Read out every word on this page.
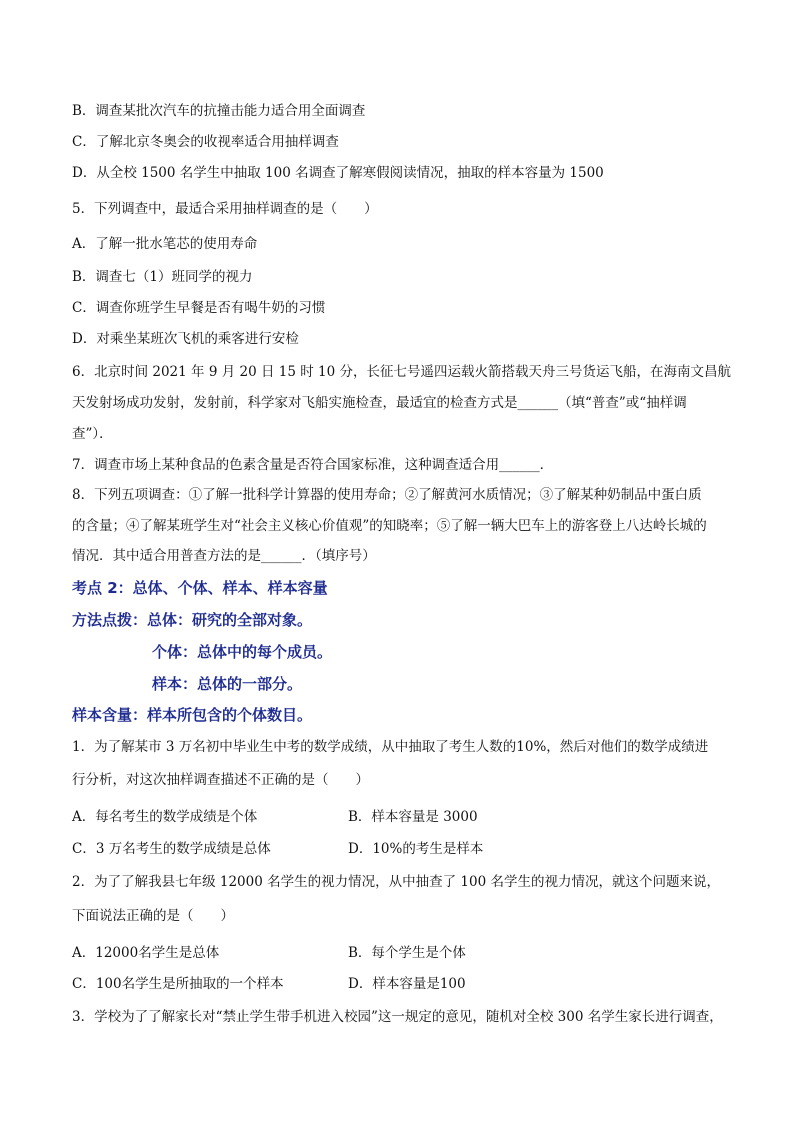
B．调查某批次汽车的抗撞击能力适合用全面调查
C．了解北京冬奥会的收视率适合用抽样调查
D．从全校 1500 名学生中抽取 100 名调查了解寒假阅读情况，抽取的样本容量为 1500
5．下列调查中，最适合采用抽样调查的是（　　）
A．了解一批水笔芯的使用寿命
B．调查七（1）班同学的视力
C．调查你班学生早餐是否有喝牛奶的习惯
D．对乘坐某班次飞机的乘客进行安检
6．北京时间 2021 年 9 月 20 日 15 时 10 分，长征七号遥四运载火箭搭载天舟三号货运飞船，在海南文昌航
天发射场成功发射，发射前，科学家对飞船实施检查，最适宜的检查方式是______（填“普查”或“抽样调
查”）．
7．调查市场上某种食品的色素含量是否符合国家标准，这种调查适合用______．
8．下列五项调查：①了解一批科学计算器的使用寿命；②了解黄河水质情况；③了解某种奶制品中蛋白质
的含量；④了解某班学生对“社会主义核心价值观”的知晓率；⑤了解一辆大巴车上的游客登上八达岭长城的
情况．其中适合用普查方法的是______．（填序号）
考点 2：总体、个体、样本、样本容量
方法点拨：总体：研究的全部对象。
个体：总体中的每个成员。
样本：总体的一部分。
样本含量：样本所包含的个体数目。
1．为了解某市 3 万名初中毕业生中考的数学成绩，从中抽取了考生人数的10%，然后对他们的数学成绩进
行分析，对这次抽样调查描述不正确的是（　　）
A．每名考生的数学成绩是个体	B．样本容量是 3000
C．3 万名考生的数学成绩是总体	D．10%的考生是样本
2．为了了解我县七年级 12000 名学生的视力情况，从中抽查了 100 名学生的视力情况，就这个问题来说，
下面说法正确的是（　　）
A．12000名学生是总体	B．每个学生是个体
C．100名学生是所抽取的一个样本	D．样本容量是100
3．学校为了了解家长对“禁止学生带手机进入校园”这一规定的意见，随机对全校 300 名学生家长进行调查，
